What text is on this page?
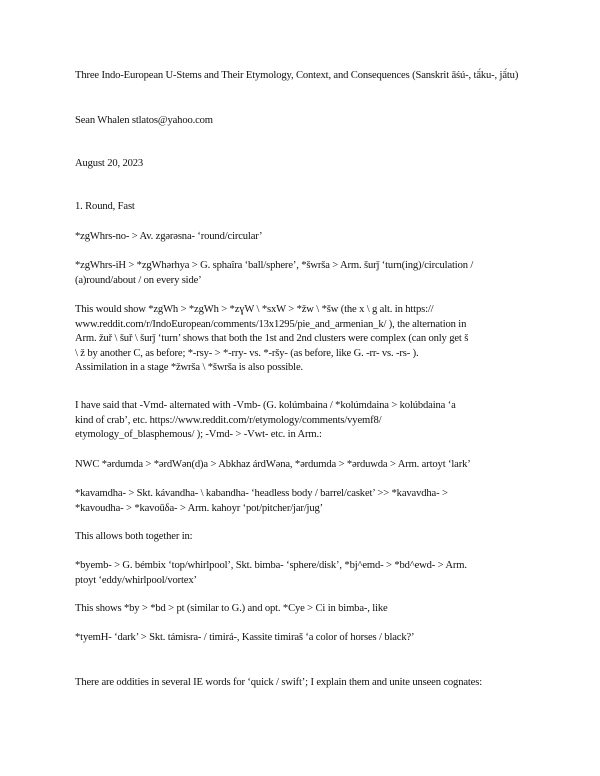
Three Indo-European U-Stems and Their Etymology, Context, and Consequences (Sanskrit āśú-, tā́ku-, jā́tu)
Sean Whalen stlatos@yahoo.com
August 20, 2023
1. Round, Fast
*zgWhrs-no- > Av. zgərəsna- ‘round/circular’
*zgWhrs-iH > *zgWhərhya > G. sphaîra ‘ball/sphere’, *šwrša > Arm. šurǰ ‘turn(ing)/circulation / (a)round/about / on every side’
This would show *zgWh > *zgWh > *zɣW \ *sxW > *žw \ *šw (the x \ g alt. in https:// www.reddit.com/r/IndoEuropean/comments/13x1295/pie_and_armenian_k/ ), the alternation in Arm. žuř \ šuř \ šurǰ ‘turn’ shows that both the 1st and 2nd clusters were complex (can only get š \ ž by another C, as before; *-rsy- > *-rry- vs. *-ršy- (as before, like G. -rr- vs. -rs- ). Assimilation in a stage *žwrša \ *šwrša is also possible.
I have said that -Vmd- alternated with -Vmb- (G. kolúmbaina / *kolúmdaina > kolúbdaina ‘a kind of crab’, etc. https://www.reddit.com/r/etymology/comments/vyemf8/ etymology_of_blasphemous/ ); -Vmd- > -Vwt- etc. in Arm.:
NWC *ərdumda > *ərdWən(d)a > Abkhaz árdWəna, *ərdumda > *ərduwda > Arm. artoyt ‘lark’
*kavamdha- > Skt. kávandha- \ kabandha- ‘headless body / barrel/casket’ >> *kavavdha- > *kavoudha- > *kavoūδa- > Arm. kahoyr ‘pot/pitcher/jar/jug’
This allows both together in:
*byemb- > G. bémbix ‘top/whirlpool’, Skt. bimba- ‘sphere/disk’, *bj^emd- > *bd^ewd- > Arm. ptoyt ‘eddy/whirlpool/vortex’
This shows *by > *bd > pt (similar to G.) and opt. *Cye > Ci in bimba-, like
*tyemH- ‘dark’ > Skt. támisra- / timirá-, Kassite timiraš ‘a color of horses / black?’
There are oddities in several IE words for ‘quick / swift’; I explain them and unite unseen cognates:
